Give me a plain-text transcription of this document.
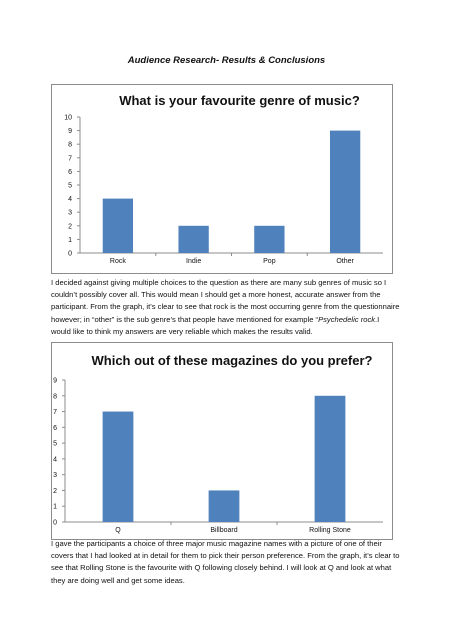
Audience Research- Results & Conclusions
What is your favourite genre of music?
0
1
2
3
4
5
6
7
8
9
10
Rock	Indie	Pop	Other
I decided against giving multiple choices to the question as there are many sub genres of music so I couldn’t possibly cover all. This would mean I should get a more honest, accurate answer from the participant. From the graph, it’s clear to see that rock is the most occurring genre from the questionnaire however; in “other” is the sub genre’s that people have mentioned for example “Psychedelic rock.I would like to think my answers are very reliable which makes the results valid.
Which out of these magazines do you prefer?
0
1
2
3
4
5
6
7
8
9
Q	Billboard	Rolling Stone
I gave the participants a choice of three major music magazine names with a picture of one of their covers that I had looked at in detail for them to pick their person preference. From the graph, it’s clear to see that Rolling Stone is the favourite with Q following closely behind. I will look at Q and look at what they are doing well and get some ideas.
